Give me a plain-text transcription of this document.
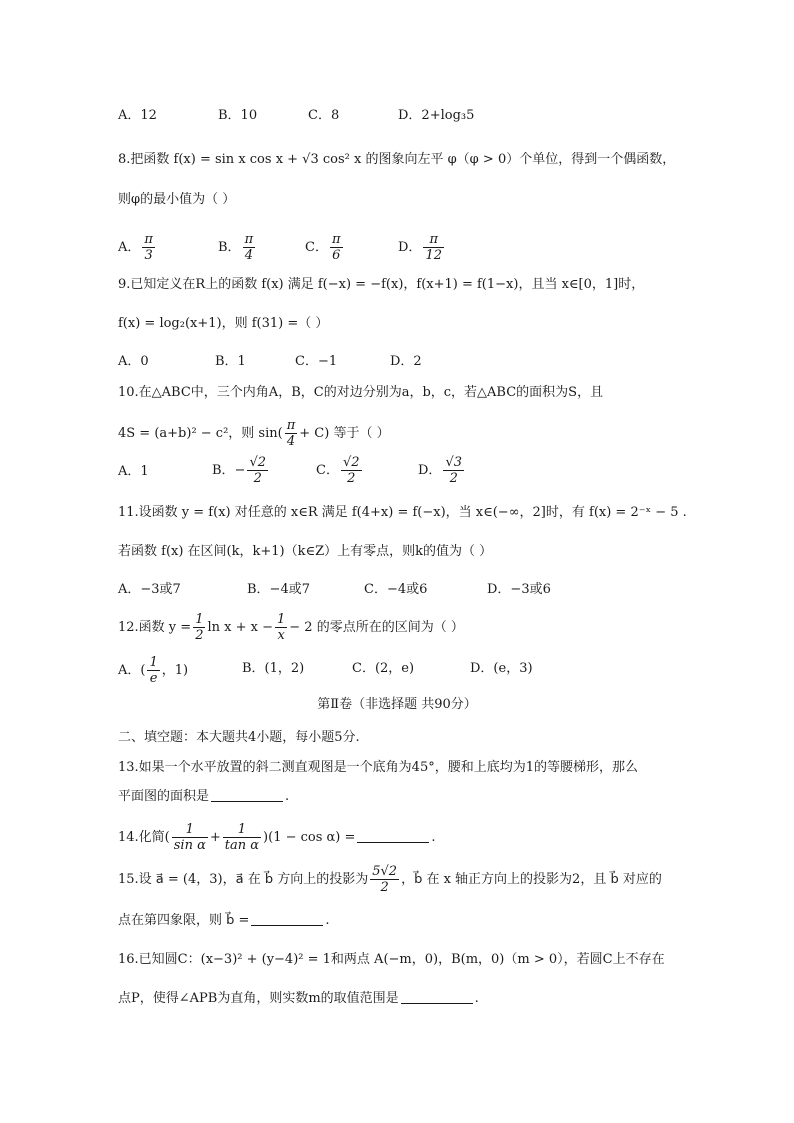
A．12	B．10	C．8	D．2+log₃5
8.把函数 f(x) = sin x cos x + √3 cos² x 的图象向左平 φ（φ > 0）个单位，得到一个偶函数，
则φ的最小值为（ ）
A． $\frac{\pi}{3}$	B． $\frac{\pi}{4}$	C． $\frac{\pi}{6}$	D． $\frac{\pi}{12}$
9.已知定义在R上的函数 f(x) 满足 f(−x) = −f(x)，f(x+1) = f(1−x)，且当 x∈[0，1]时，
f(x) = log₂(x+1)，则 f(31) =（ ）
A．0	B．1	C．−1	D．2
10.在△ABC中，三个内角A，B，C的对边分别为a，b，c，若△ABC的面积为S，且
4S = (a+b)² − c²，则 $\sin( \frac{\pi}{4} + C)$ 等于（ ）
A．1	B．− $\frac{√2}{2}$	C． $\frac{√2}{2}$	D． $\frac{√3}{2}$
11.设函数 y = f(x) 对任意的 x∈R 满足 f(4+x) = f(−x)，当 x∈(−∞，2]时，有 f(x) = 2⁻ˣ − 5 .
若函数 f(x) 在区间(k，k+1)（k∈Z）上有零点，则k的值为（ ）
A．−3或7	B．−4或7	C．−4或6	D．−3或6
12.函数 $y = \frac{1}{2}$ $\ln x + x - \frac{1}{x} - 2$ 的零点所在的区间为（ ）
A．( $\frac{1}{e}$ ，1)	B．(1，2)	C．(2，e)	D．(e，3)
第Ⅱ卷（非选择题 共90分）
二、填空题：本大题共4小题，每小题5分.
13.如果一个水平放置的斜二测直观图是一个底角为45°，腰和上底均为1的等腰梯形，那么
平面图的面积是	.
14.化简( $\frac{1}{\text{sin α}} + \frac{1}{\text{tan α}} )(1 - \cos \alpha)$ =	.
15.设 a⃗ = (4，3)，a⃗ 在 b⃗ 方向上的投影为 $\frac{5√2}{2}$ ，b⃗ 在 x 轴正方向上的投影为2，且 b⃗ 对应的
点在第四象限，则 b⃗ =	.
16.已知圆C：(x−3)² + (y−4)² = 1和两点 A(−m，0)，B(m，0)（m > 0），若圆C上不存在
点P，使得∠APB为直角，则实数m的取值范围是	.
